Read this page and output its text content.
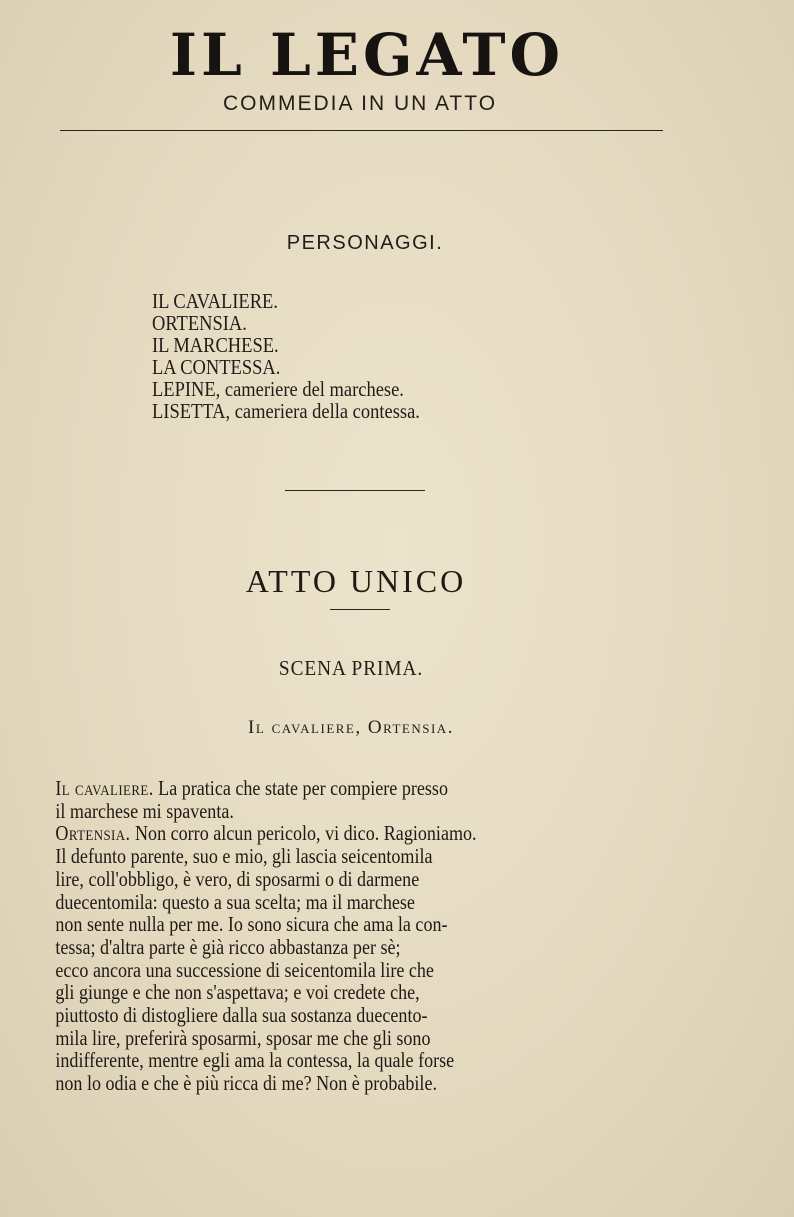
IL LEGATO
COMMEDIA IN UN ATTO
PERSONAGGI.
IL CAVALIERE.
ORTENSIA.
IL MARCHESE.
LA CONTESSA.
LEPINE, cameriere del marchese.
LISETTA, cameriera della contessa.
ATTO UNICO
SCENA PRIMA.
Il cavaliere, Ortensia.
Il cavaliere. La pratica che state per compiere presso
il marchese mi spaventa.
Ortensia. Non corro alcun pericolo, vi dico. Ragioniamo.
Il defunto parente, suo e mio, gli lascia seicentomila
lire, coll'obbligo, è vero, di sposarmi o di darmene
duecentomila: questo a sua scelta; ma il marchese
non sente nulla per me. Io sono sicura che ama la con-
tessa; d'altra parte è già ricco abbastanza per sè;
ecco ancora una successione di seicentomila lire che
gli giunge e che non s'aspettava; e voi credete che,
piuttosto di distogliere dalla sua sostanza duecento-
mila lire, preferirà sposarmi, sposar me che gli sono
indifferente, mentre egli ama la contessa, la quale forse
non lo odia e che è più ricca di me? Non è probabile.
